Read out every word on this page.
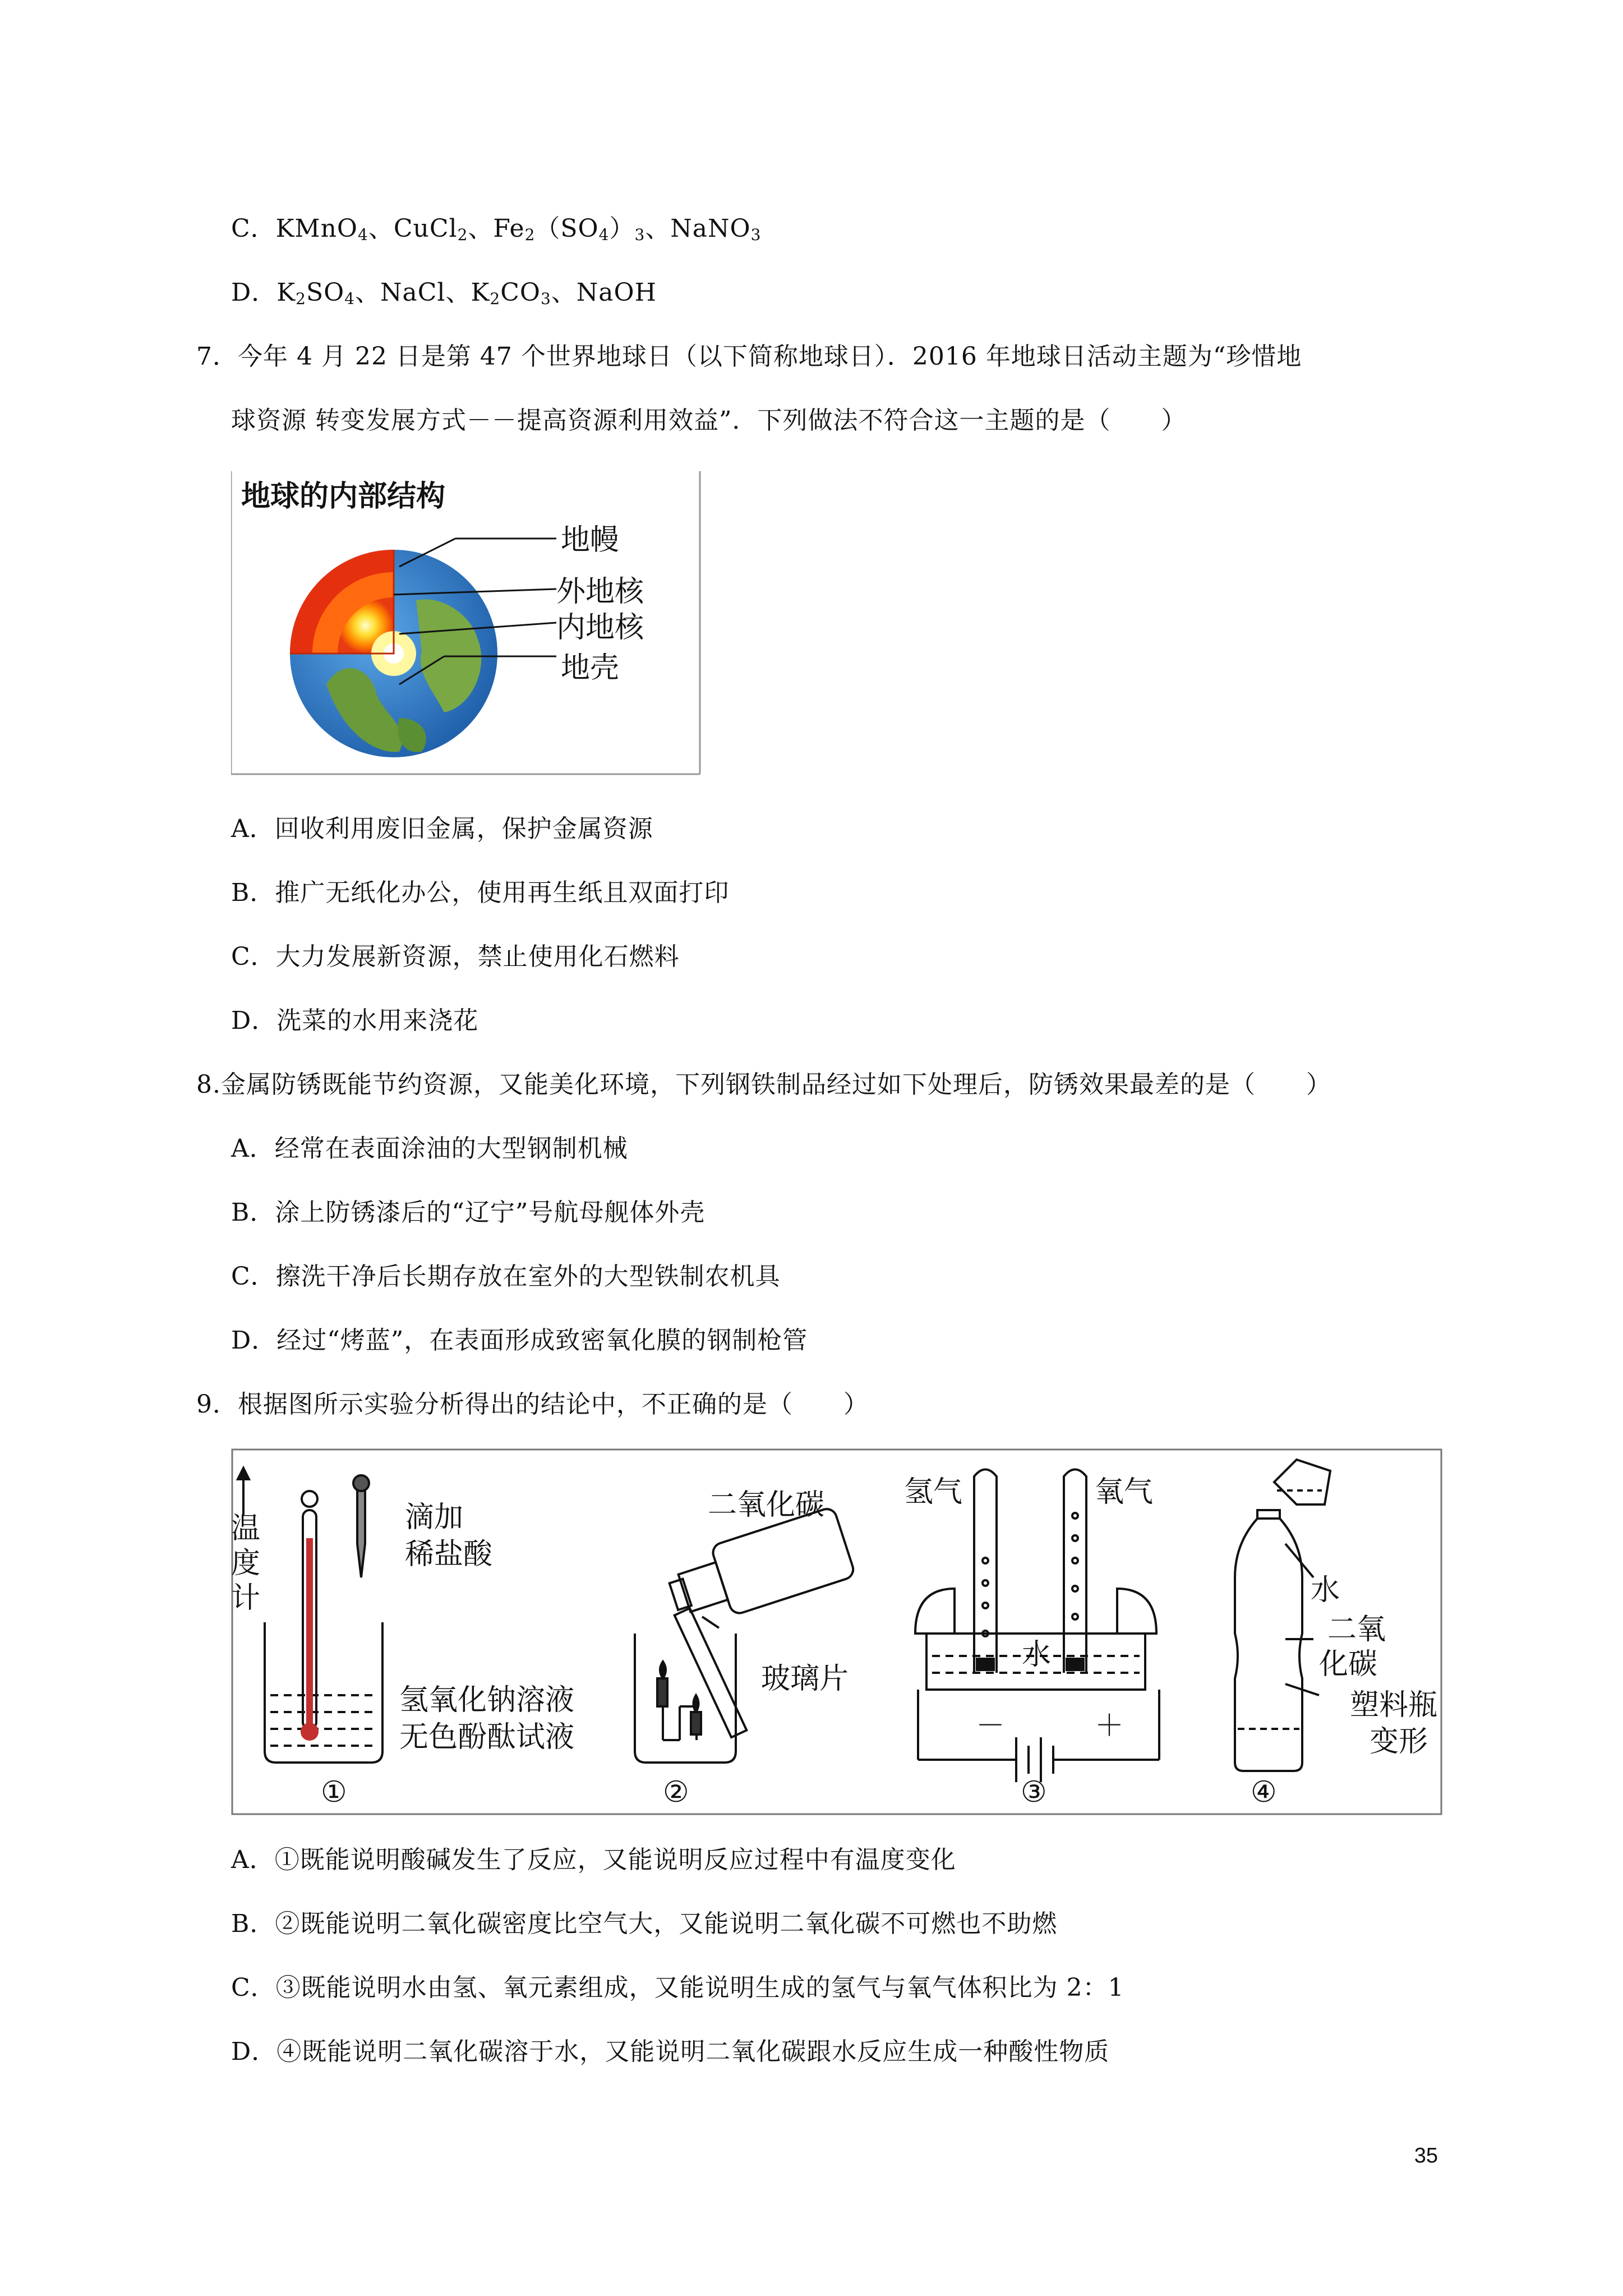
C．KMnO$_4$、CuCl$_2$、$Fe_2(SO_4)_3$、NaNO$_3$
D．$K_2SO_4$、NaCl、$K_2CO_3$、NaOH
7．今年 4 月 22 日是第 47 个世界地球日（以下简称地球日）．2016 年地球日活动主题为“珍惜地
球资源 转变发展方式－－提高资源利用效益”．下列做法不符合这一主题的是（　　）
地球的内部结构
地幔
外地核
内地核
地壳
A．回收利用废旧金属，保护金属资源
B．推广无纸化办公，使用再生纸且双面打印
C．大力发展新资源，禁止使用化石燃料
D．洗菜的水用来浇花
8.金属防锈既能节约资源，又能美化环境，下列钢铁制品经过如下处理后，防锈效果最差的是（　　）
A．经常在表面涂油的大型钢制机械
B．涂上防锈漆后的“辽宁”号航母舰体外壳
C．擦洗干净后长期存放在室外的大型铁制农机具
D．经过“烤蓝”，在表面形成致密氧化膜的钢制枪管
9．根据图所示实验分析得出的结论中，不正确的是（　　）
温
度
计
滴加
稀盐酸
氢氧化钠溶液
无色酚酞试液
①
二氧化碳
玻璃片
②
氢气	氧气
水
－	＋
③
水
二氧
化碳
塑料瓶
变形
④
A．①既能说明酸碱发生了反应，又能说明反应过程中有温度变化
B．②既能说明二氧化碳密度比空气大，又能说明二氧化碳不可燃也不助燃
C．③既能说明水由氢、氧元素组成，又能说明生成的氢气与氧气体积比为 2：1
D．④既能说明二氧化碳溶于水，又能说明二氧化碳跟水反应生成一种酸性物质
35
